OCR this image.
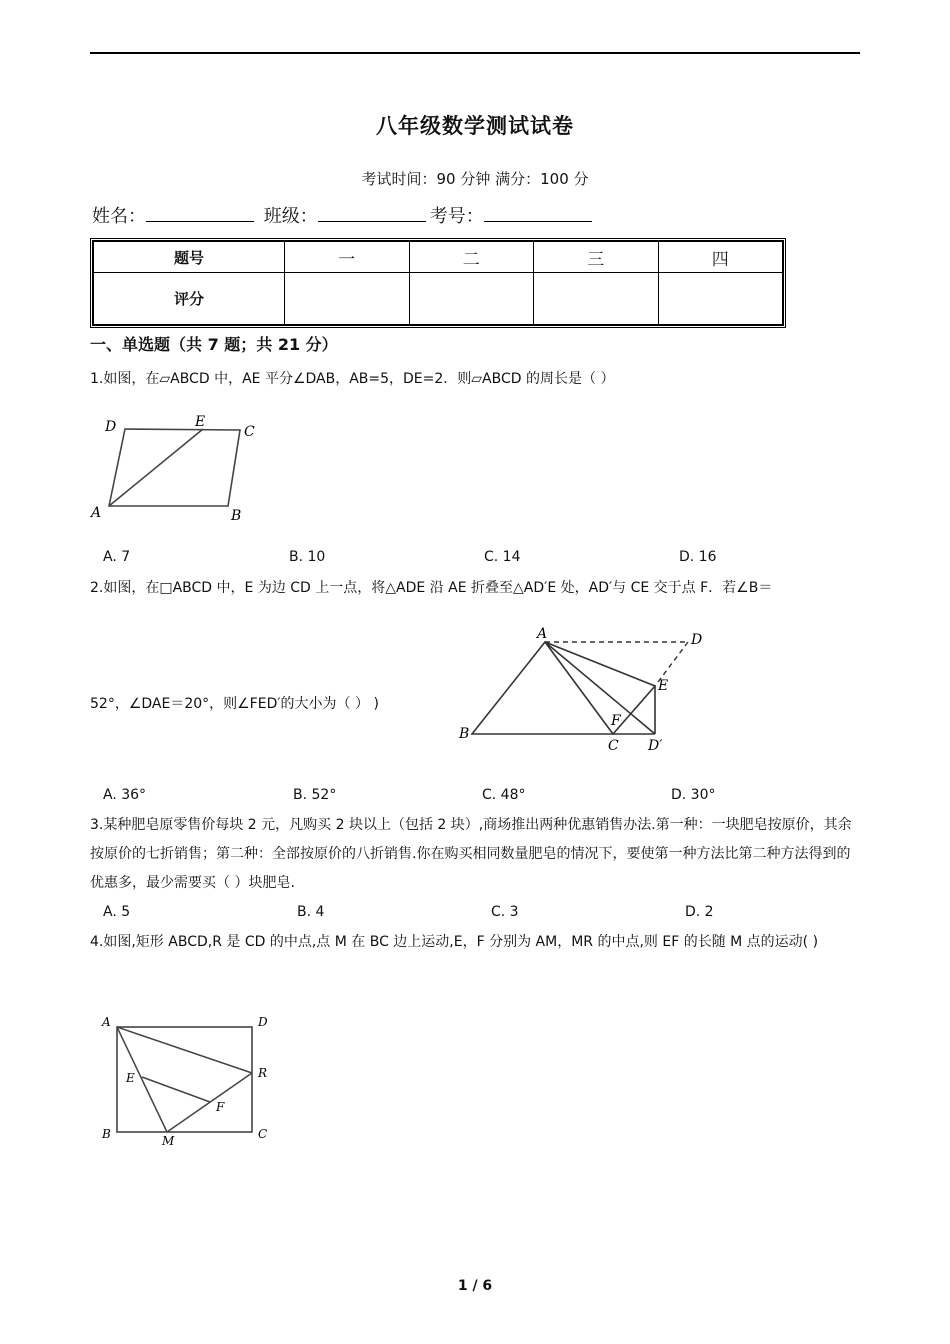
八年级数学测试试卷
考试时间：90 分钟 满分：100 分
姓名：	班级：	考号：
题号	一	二	三	四
评分				
一、单选题（共 7 题；共 21 分）
1.如图，在▱ABCD 中，AE 平分∠DAB，AB=5，DE=2．则▱ABCD 的周长是（ ）
D	E
C
A	B
A. 7	B. 10	C. 14	D. 16
2.如图，在□ABCD 中，E 为边 CD 上一点，将△ADE 沿 AE 折叠至△AD′E 处，AD′与 CE 交于点 F．若∠B＝
A	D
E
F
B
C D′
52°，∠DAE＝20°，则∠FED′的大小为（ ） )
A. 36°	B. 52°	C. 48°	D. 30°
3.某种肥皂原零售价每块 2 元，凡购买 2 块以上（包括 2 块）,商场推出两种优惠销售办法.第一种：一块肥皂按原价，其余按原价的七折销售；第二种：全部按原价的八折销售.你在购买相同数量肥皂的情况下，要使第一种方法比第二种方法得到的优惠多，最少需要买（ ）块肥皂.
A. 5	B. 4	C. 3	D. 2
4.如图,矩形 ABCD,R 是 CD 的中点,点 M 在 BC 边上运动,E，F 分别为 AM，MR 的中点,则 EF 的长随 M 点的运动( )
A	D
E	R
F
B	M	C
1 / 6
